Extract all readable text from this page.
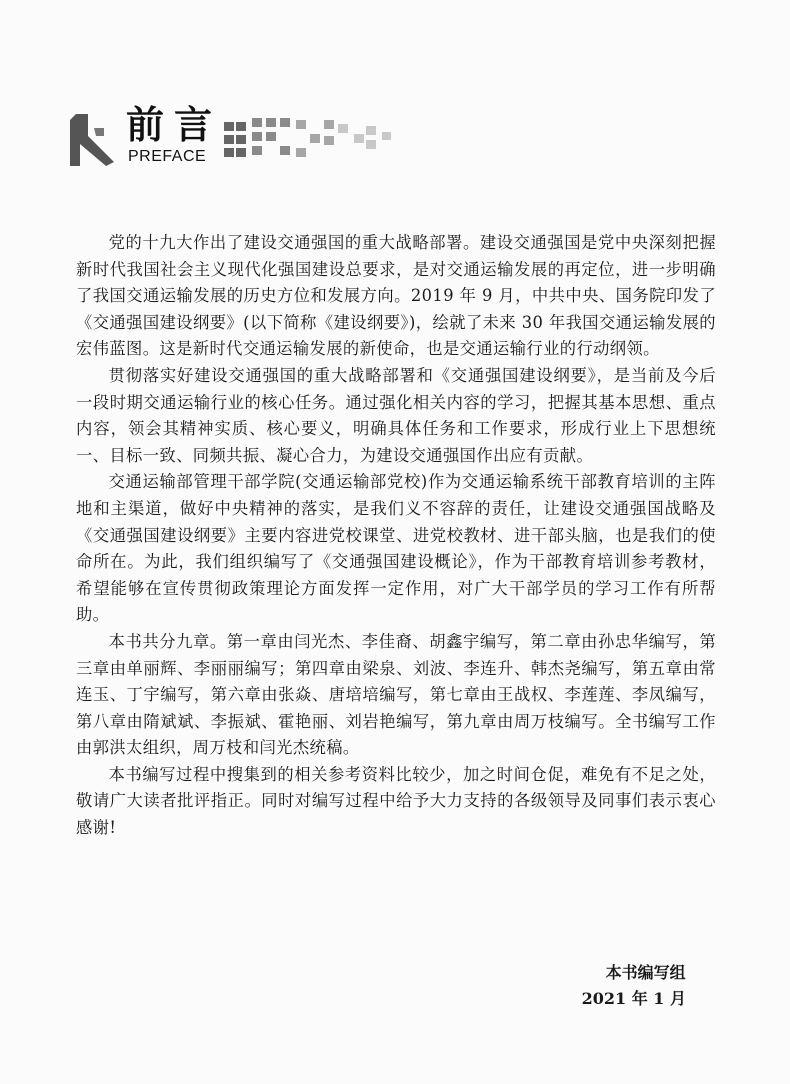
前言
PREFACE

党的十九大作出了建设交通强国的重大战略部署。建设交通强国是党中央深刻把握新时代我国社会主义现代化强国建设总要求，是对交通运输发展的再定位，进一步明确了我国交通运输发展的历史方位和发展方向。2019 年 9 月，中共中央、国务院印发了《交通强国建设纲要》(以下简称《建设纲要》)，绘就了未来 30 年我国交通运输发展的宏伟蓝图。这是新时代交通运输发展的新使命，也是交通运输行业的行动纲领。

贯彻落实好建设交通强国的重大战略部署和《交通强国建设纲要》，是当前及今后一段时期交通运输行业的核心任务。通过强化相关内容的学习，把握其基本思想、重点内容，领会其精神实质、核心要义，明确具体任务和工作要求，形成行业上下思想统一、目标一致、同频共振、凝心合力，为建设交通强国作出应有贡献。

交通运输部管理干部学院(交通运输部党校)作为交通运输系统干部教育培训的主阵地和主渠道，做好中央精神的落实，是我们义不容辞的责任，让建设交通强国战略及《交通强国建设纲要》主要内容进党校课堂、进党校教材、进干部头脑，也是我们的使命所在。为此，我们组织编写了《交通强国建设概论》，作为干部教育培训参考教材，希望能够在宣传贯彻政策理论方面发挥一定作用，对广大干部学员的学习工作有所帮助。

本书共分九章。第一章由闫光杰、李佳裔、胡鑫宇编写，第二章由孙忠华编写，第三章由单丽辉、李丽丽编写；第四章由梁泉、刘波、李连升、韩杰尧编写，第五章由常连玉、丁宇编写，第六章由张焱、唐培培编写，第七章由王战权、李莲莲、李凤编写，第八章由隋斌斌、李振斌、霍艳丽、刘岩艳编写，第九章由周万枝编写。全书编写工作由郭洪太组织，周万枝和闫光杰统稿。

本书编写过程中搜集到的相关参考资料比较少，加之时间仓促，难免有不足之处，敬请广大读者批评指正。同时对编写过程中给予大力支持的各级领导及同事们表示衷心感谢!

本书编写组
2021 年 1 月
